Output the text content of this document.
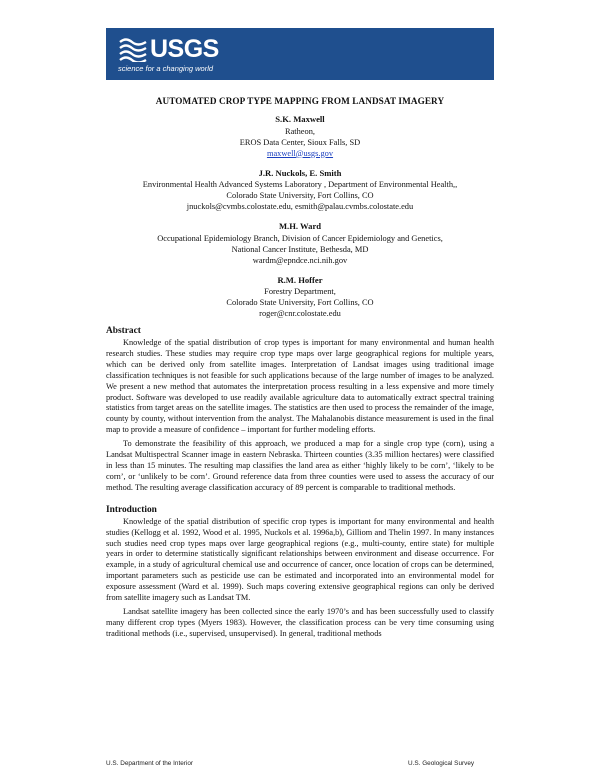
USGS
science for a changing world
AUTOMATED CROP TYPE MAPPING FROM LANDSAT IMAGERY
S.K. Maxwell
Ratheon,
EROS Data Center, Sioux Falls, SD
maxwell@usgs.gov
J.R. Nuckols, E. Smith
Environmental Health Advanced Systems Laboratory , Department of Environmental Health,,
Colorado State University, Fort Collins, CO
jnuckols@cvmbs.colostate.edu, esmith@palau.cvmbs.colostate.edu
M.H. Ward
Occupational Epidemiology Branch, Division of Cancer Epidemiology and Genetics,
National Cancer Institute, Bethesda, MD
wardm@epndce.nci.nih.gov
R.M. Hoffer
Forestry Department,
Colorado State University, Fort Collins, CO
roger@cnr.colostate.edu
Abstract

Knowledge of the spatial distribution of crop types is important for many environmental and human health research studies. These studies may require crop type maps over large geographical regions for multiple years, which can be derived only from satellite images. Interpretation of Landsat images using traditional image classification techniques is not feasible for such applications because of the large number of images to be analyzed. We present a new method that automates the interpretation process resulting in a less expensive and more timely product. Software was developed to use readily available agriculture data to automatically extract spectral training statistics from target areas on the satellite images. The statistics are then used to process the remainder of the image, county by county, without intervention from the analyst. The Mahalanobis distance measurement is used in the final map to provide a measure of confidence – important for further modeling efforts.

To demonstrate the feasibility of this approach, we produced a map for a single crop type (corn), using a Landsat Multispectral Scanner image in eastern Nebraska. Thirteen counties (3.35 million hectares) were classified in less than 15 minutes. The resulting map classifies the land area as either ‘highly likely to be corn’, ‘likely to be corn’, or ‘unlikely to be corn’. Ground reference data from three counties were used to assess the accuracy of our method. The resulting average classification accuracy of 89 percent is comparable to traditional methods.

Introduction

Knowledge of the spatial distribution of specific crop types is important for many environmental and health studies (Kellogg et al. 1992, Wood et al. 1995, Nuckols et al. 1996a,b), Gilliom and Thelin 1997. In many instances such studies need crop types maps over large geographical regions (e.g., multi-county, entire state) for multiple years in order to determine statistically significant relationships between environment and disease occurrence. For example, in a study of agricultural chemical use and occurrence of cancer, once location of crops can be determined, important parameters such as pesticide use can be estimated and incorporated into an environmental model for exposure assessment (Ward et al. 1999). Such maps covering extensive geographical regions can only be derived from satellite imagery such as Landsat TM.

Landsat satellite imagery has been collected since the early 1970’s and has been successfully used to classify many different crop types (Myers 1983). However, the classification process can be very time consuming using traditional methods (i.e., supervised, unsupervised). In general, traditional methods

U.S. Department of the Interior	U.S. Geological Survey
